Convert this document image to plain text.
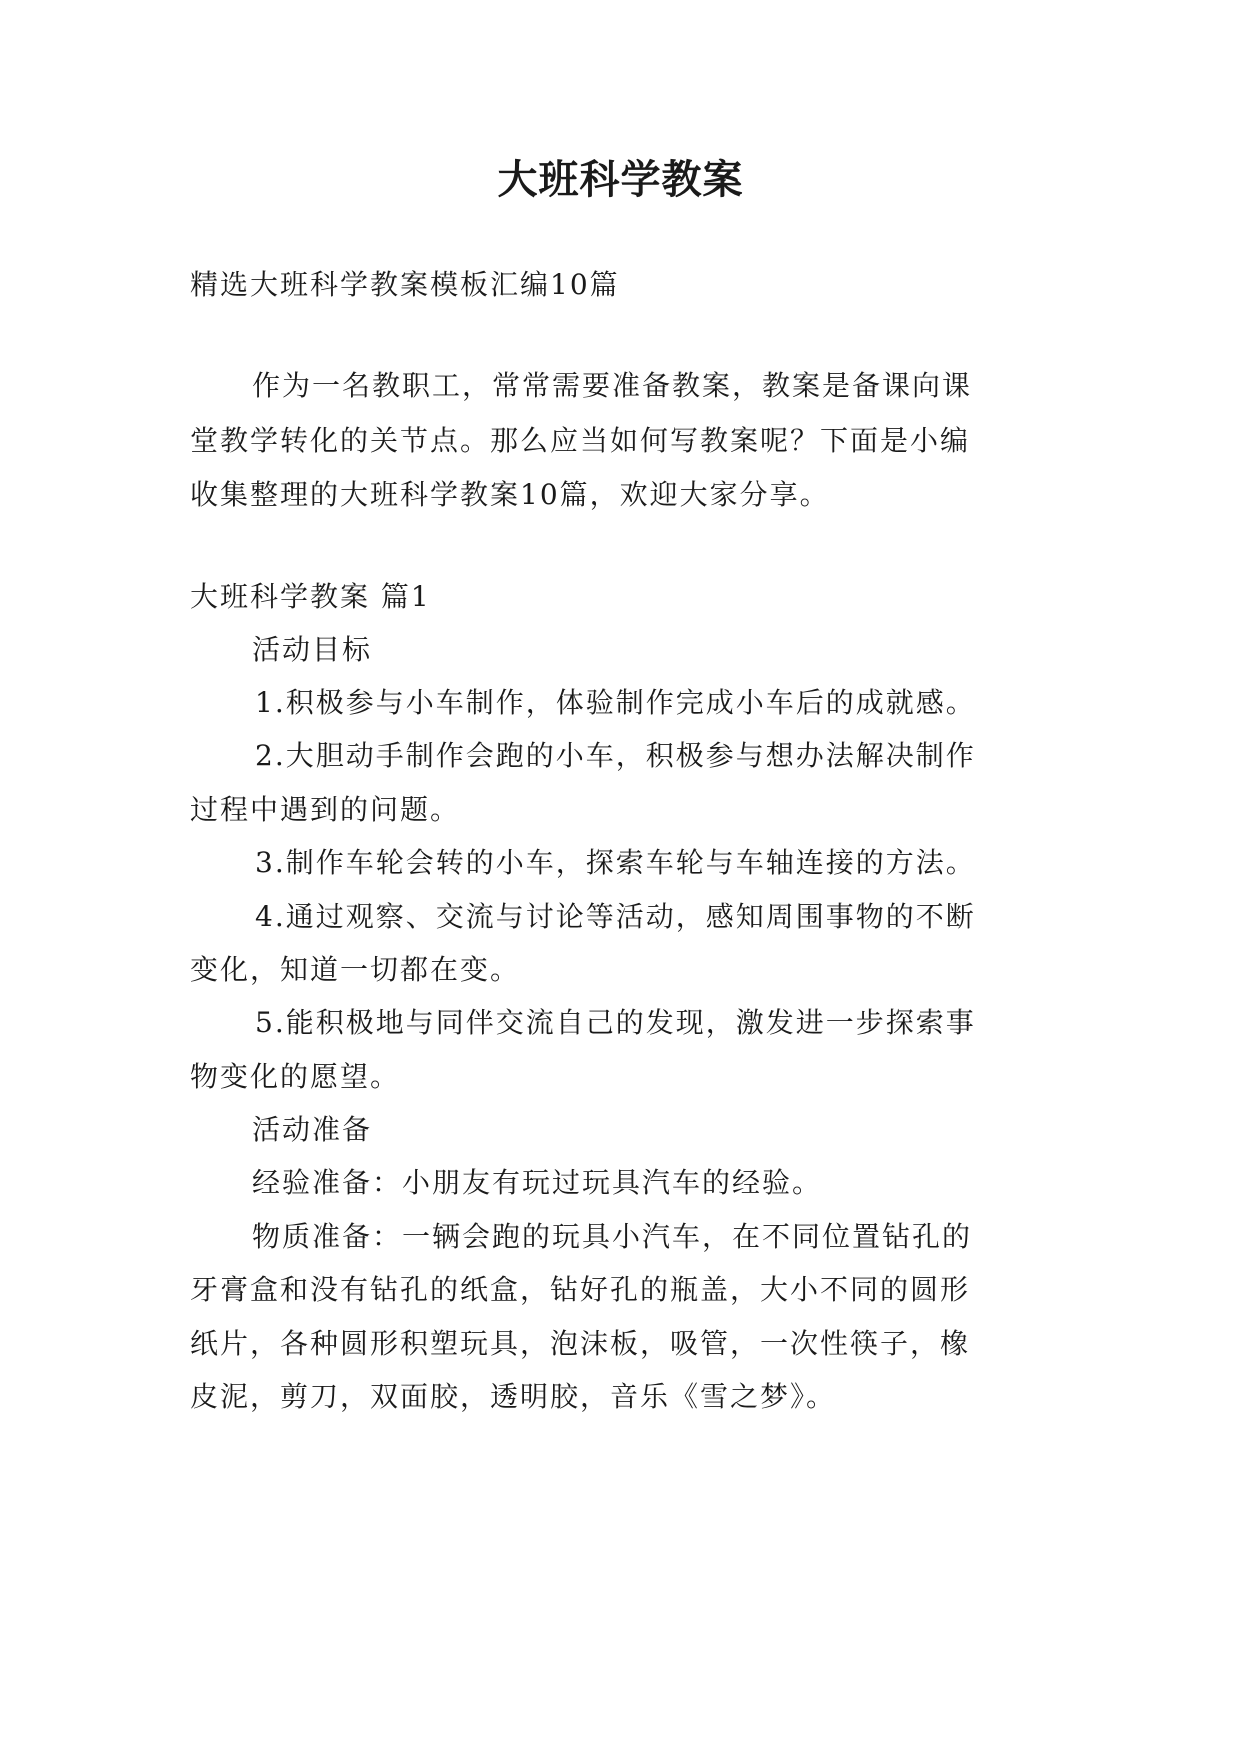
大班科学教案
精选大班科学教案模板汇编10篇
作为一名教职工，常常需要准备教案，教案是备课向课
堂教学转化的关节点。那么应当如何写教案呢？下面是小编
收集整理的大班科学教案10篇，欢迎大家分享。
大班科学教案 篇1
活动目标
1.积极参与小车制作，体验制作完成小车后的成就感。
2.大胆动手制作会跑的小车，积极参与想办法解决制作
过程中遇到的问题。
3.制作车轮会转的小车，探索车轮与车轴连接的方法。
4.通过观察、交流与讨论等活动，感知周围事物的不断
变化，知道一切都在变。
5.能积极地与同伴交流自己的发现，激发进一步探索事
物变化的愿望。
活动准备
经验准备：小朋友有玩过玩具汽车的经验。
物质准备：一辆会跑的玩具小汽车，在不同位置钻孔的
牙膏盒和没有钻孔的纸盒，钻好孔的瓶盖，大小不同的圆形
纸片，各种圆形积塑玩具，泡沫板，吸管，一次性筷子，橡
皮泥，剪刀，双面胶，透明胶，音乐《雪之梦》。
